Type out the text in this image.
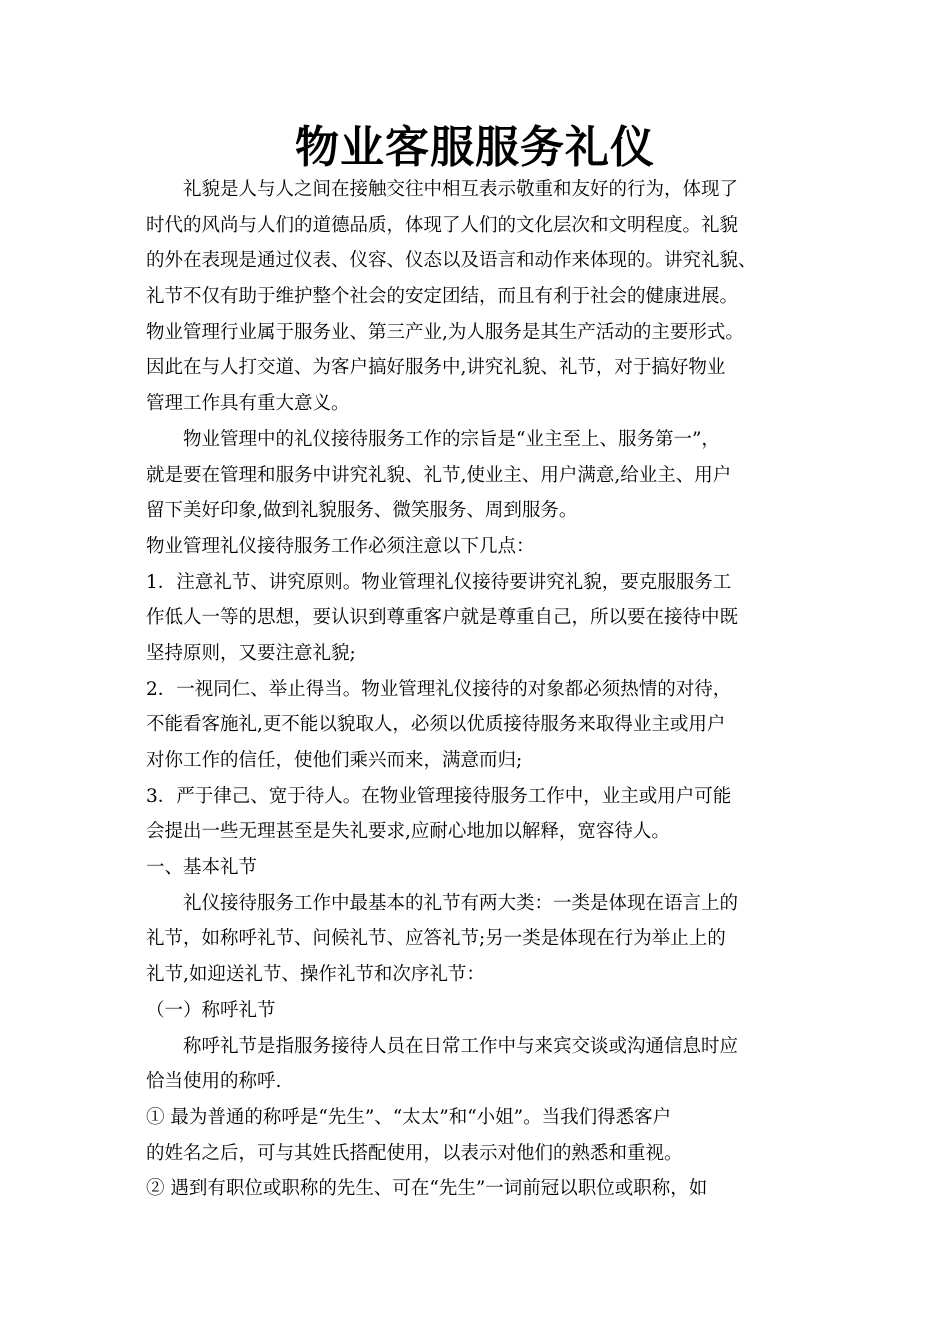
物业客服服务礼仪
礼貌是人与人之间在接触交往中相互表示敬重和友好的行为，体现了
时代的风尚与人们的道德品质，体现了人们的文化层次和文明程度。礼貌
的外在表现是通过仪表、仪容、仪态以及语言和动作来体现的。讲究礼貌、
礼节不仅有助于维护整个社会的安定团结，而且有利于社会的健康进展。
物业管理行业属于服务业、第三产业,为人服务是其生产活动的主要形式。
因此在与人打交道、为客户搞好服务中,讲究礼貌、礼节，对于搞好物业
管理工作具有重大意义。
物业管理中的礼仪接待服务工作的宗旨是“业主至上、服务第一”，
就是要在管理和服务中讲究礼貌、礼节,使业主、用户满意,给业主、用户
留下美好印象,做到礼貌服务、微笑服务、周到服务。
物业管理礼仪接待服务工作必须注意以下几点：
1．注意礼节、讲究原则。物业管理礼仪接待要讲究礼貌，要克服服务工
作低人一等的思想，要认识到尊重客户就是尊重自己，所以要在接待中既
坚持原则，又要注意礼貌;
2．一视同仁、举止得当。物业管理礼仪接待的对象都必须热情的对待，
不能看客施礼,更不能以貌取人，必须以优质接待服务来取得业主或用户
对你工作的信任，使他们乘兴而来，满意而归;
3．严于律己、宽于待人。在物业管理接待服务工作中，业主或用户可能
会提出一些无理甚至是失礼要求,应耐心地加以解释，宽容待人。
一、基本礼节
礼仪接待服务工作中最基本的礼节有两大类：一类是体现在语言上的
礼节，如称呼礼节、问候礼节、应答礼节;另一类是体现在行为举止上的
礼节,如迎送礼节、操作礼节和次序礼节：
（一）称呼礼节
称呼礼节是指服务接待人员在日常工作中与来宾交谈或沟通信息时应
恰当使用的称呼.
① 最为普通的称呼是“先生”、“太太”和“小姐”。当我们得悉客户
的姓名之后，可与其姓氏搭配使用，以表示对他们的熟悉和重视。
② 遇到有职位或职称的先生、可在“先生”一词前冠以职位或职称，如
